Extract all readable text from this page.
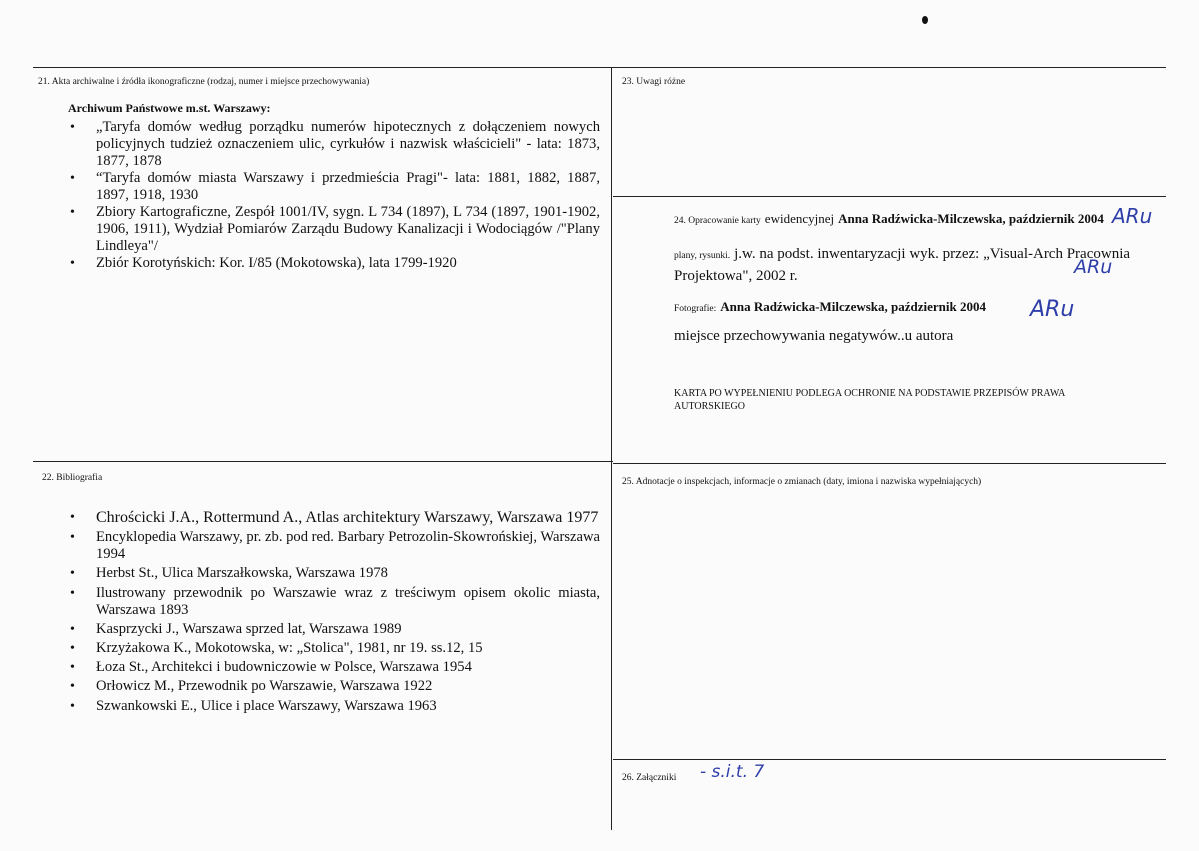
21. Akta archiwalne i źródła ikonograficzne (rodzaj, numer i miejsce przechowywania)
Archiwum Państwowe m.st. Warszawy:
• „Taryfa domów według porządku numerów hipotecznych z dołączeniem nowych policyjnych tudzież oznaczeniem ulic, cyrkułów i nazwisk właścicieli" - lata: 1873, 1877, 1878
• “Taryfa domów miasta Warszawy i przedmieścia Pragi"- lata: 1881, 1882, 1887, 1897, 1918, 1930
• Zbiory Kartograficzne, Zespół 1001/IV, sygn. L 734 (1897), L 734 (1897, 1901-1902, 1906, 1911), Wydział Pomiarów Zarządu Budowy Kanalizacji i Wodociągów /"Plany Lindleya"/
• Zbiór Korotyńskich: Kor. I/85 (Mokotowska), lata 1799-1920
22. Bibliografia
• Chrościcki J.A., Rottermund A., Atlas architektury Warszawy, Warszawa 1977
• Encyklopedia Warszawy, pr. zb. pod red. Barbary Petrozolin-Skowrońskiej, Warszawa 1994
• Herbst St., Ulica Marszałkowska, Warszawa 1978
• Ilustrowany przewodnik po Warszawie wraz z treściwym opisem okolic miasta, Warszawa 1893
• Kasprzycki J., Warszawa sprzed lat, Warszawa 1989
• Krzyżakowa K., Mokotowska, w: „Stolica", 1981, nr 19. ss.12, 15
• Łoza St., Architekci i budowniczowie w Polsce, Warszawa 1954
• Orłowicz M., Przewodnik po Warszawie, Warszawa 1922
• Szwankowski E., Ulice i place Warszawy, Warszawa 1963
23. Uwagi różne
24. Opracowanie karty ewidencyjnej Anna Radźwicka-Milczewska, październik 2004
plany, rysunki. j.w. na podst. inwentaryzacji wyk. przez: „Visual-Arch Pracownia Projektowa", 2002 r.
Fotografie: Anna Radźwicka-Milczewska, październik 2004
miejsce przechowywania negatywów..u autora
KARTA PO WYPEŁNIENIU PODLEGA OCHRONIE NA PODSTAWIE PRZEPISÓW PRAWA AUTORSKIEGO
ARu
ARu
ARu
25. Adnotacje o inspekcjach, informacje o zmianach (daty, imiona i nazwiska wypełniających)
26. Załączniki - s.i.t. 7
